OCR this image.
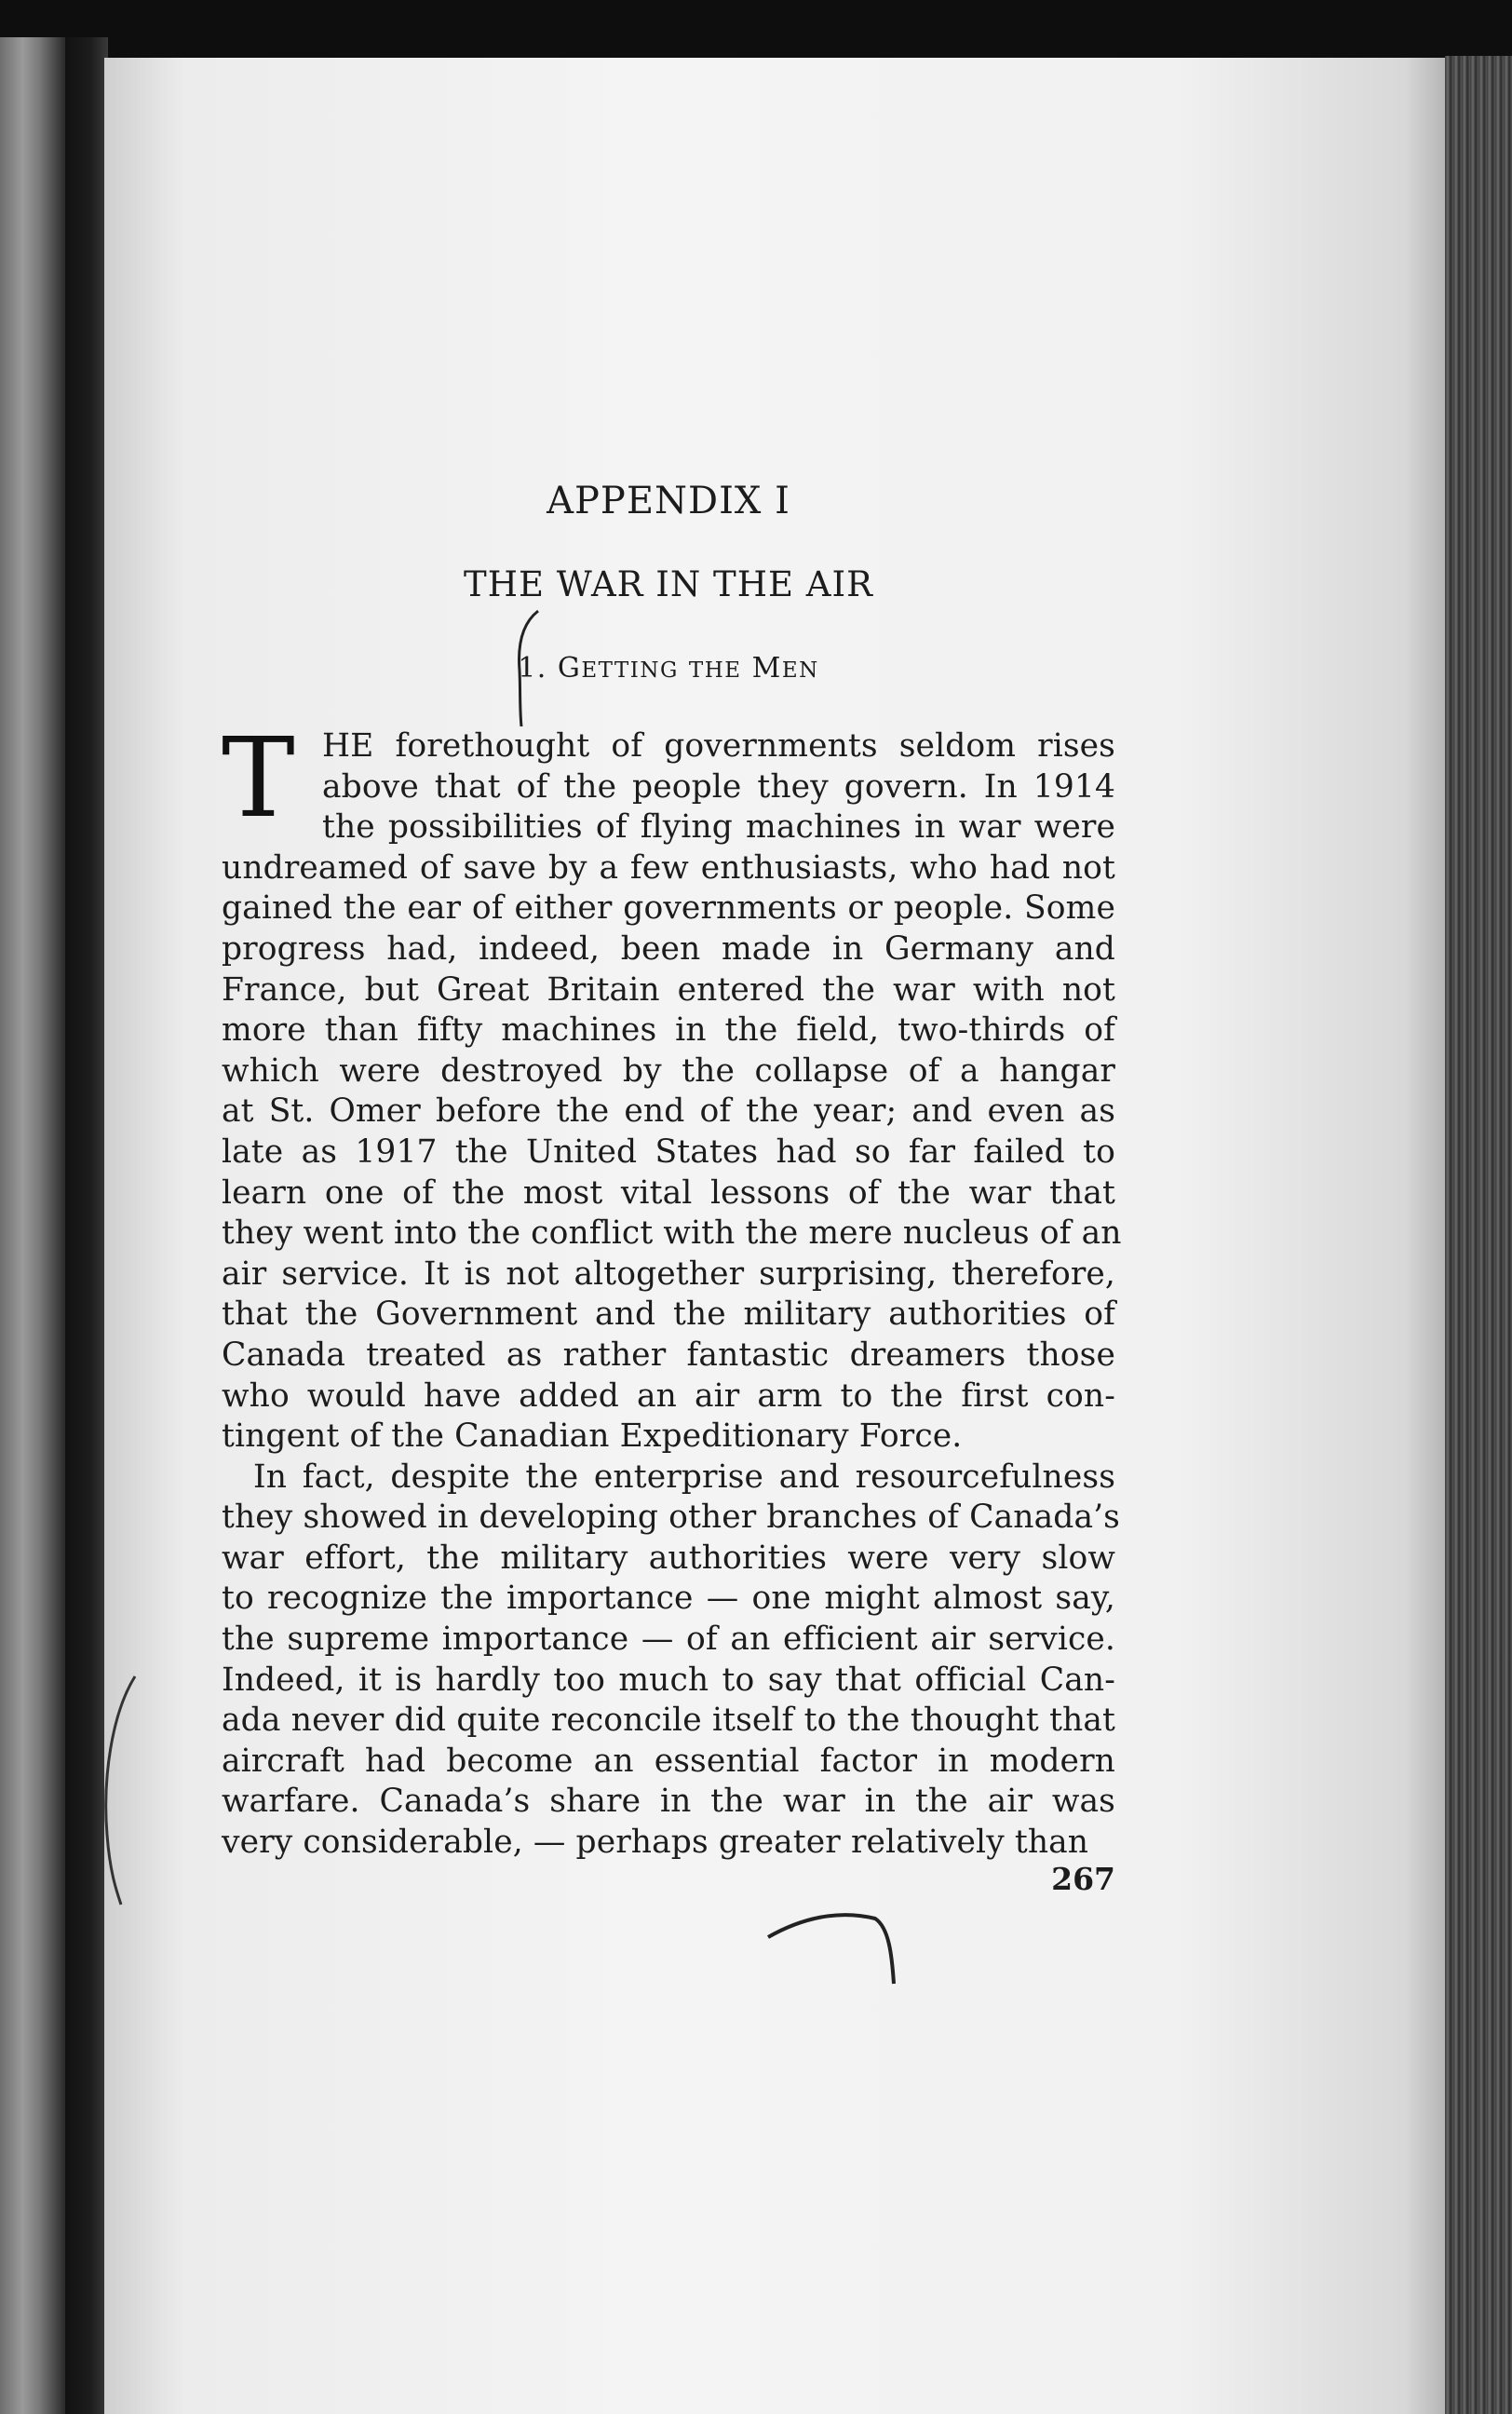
APPENDIX I
THE WAR IN THE AIR
1. GETTING THE MEN
T HE forethought of governments seldom rises
above that of the people they govern. In 1914
the possibilities of flying machines in war were
undreamed of save by a few enthusiasts, who had not
gained the ear of either governments or people. Some
progress had, indeed, been made in Germany and
France, but Great Britain entered the war with not
more than fifty machines in the field, two-thirds of
which were destroyed by the collapse of a hangar
at St. Omer before the end of the year; and even as
late as 1917 the United States had so far failed to
learn one of the most vital lessons of the war that
they went into the conflict with the mere nucleus of an
air service. It is not altogether surprising, therefore,
that the Government and the military authorities of
Canada treated as rather fantastic dreamers those
who would have added an air arm to the first con-
tingent of the Canadian Expeditionary Force.
In fact, despite the enterprise and resourcefulness
they showed in developing other branches of Canada’s
war effort, the military authorities were very slow
to recognize the importance — one might almost say,
the supreme importance — of an efficient air service.
Indeed, it is hardly too much to say that official Can-
ada never did quite reconcile itself to the thought that
aircraft had become an essential factor in modern
warfare. Canada’s share in the war in the air was
very considerable, — perhaps greater relatively than
267
